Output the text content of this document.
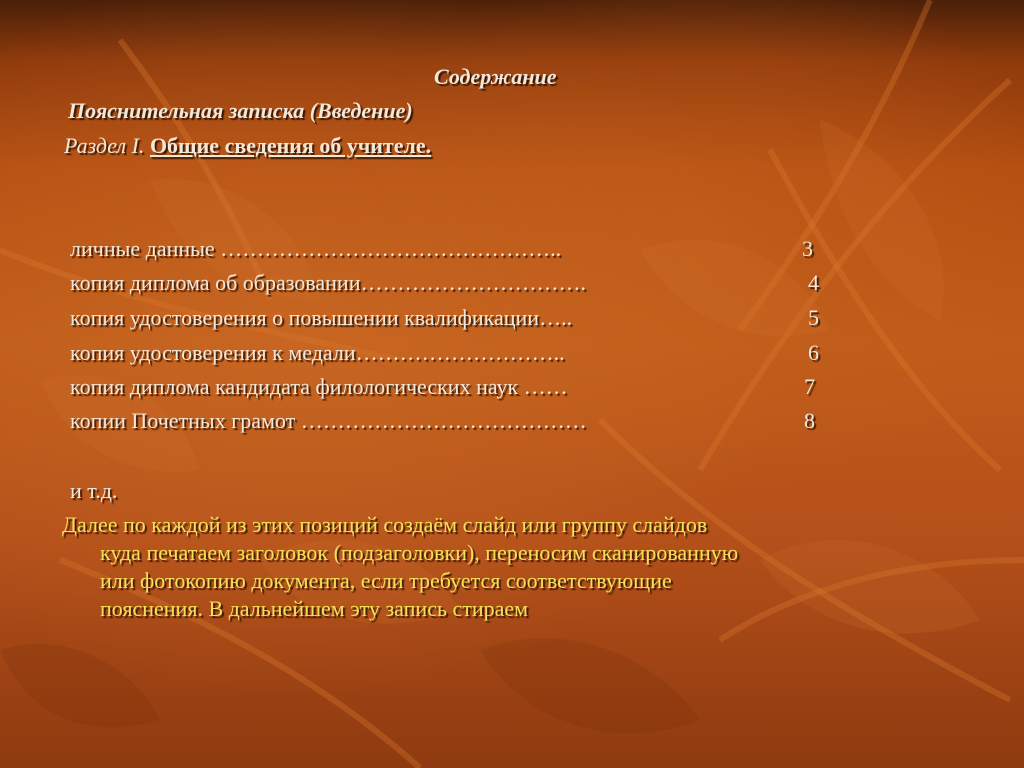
Содержание
Пояснительная записка (Введение)
Раздел I. Общие сведения об учителе.
личные данные ………………………………………..	3
копия диплома об образовании………………………….	4
копия удостоверения о повышении квалификации…..	5
копия удостоверения к медали………………………..	6
копия диплома кандидата филологических наук ……	7
копии Почетных грамот …………………………………	8
и т.д.
Далее по каждой из этих позиций создаём слайд или группу слайдов
куда печатаем заголовок (подзаголовки), переносим сканированную
или фотокопию документа, если требуется соответствующие
пояснения. В дальнейшем эту запись стираем
